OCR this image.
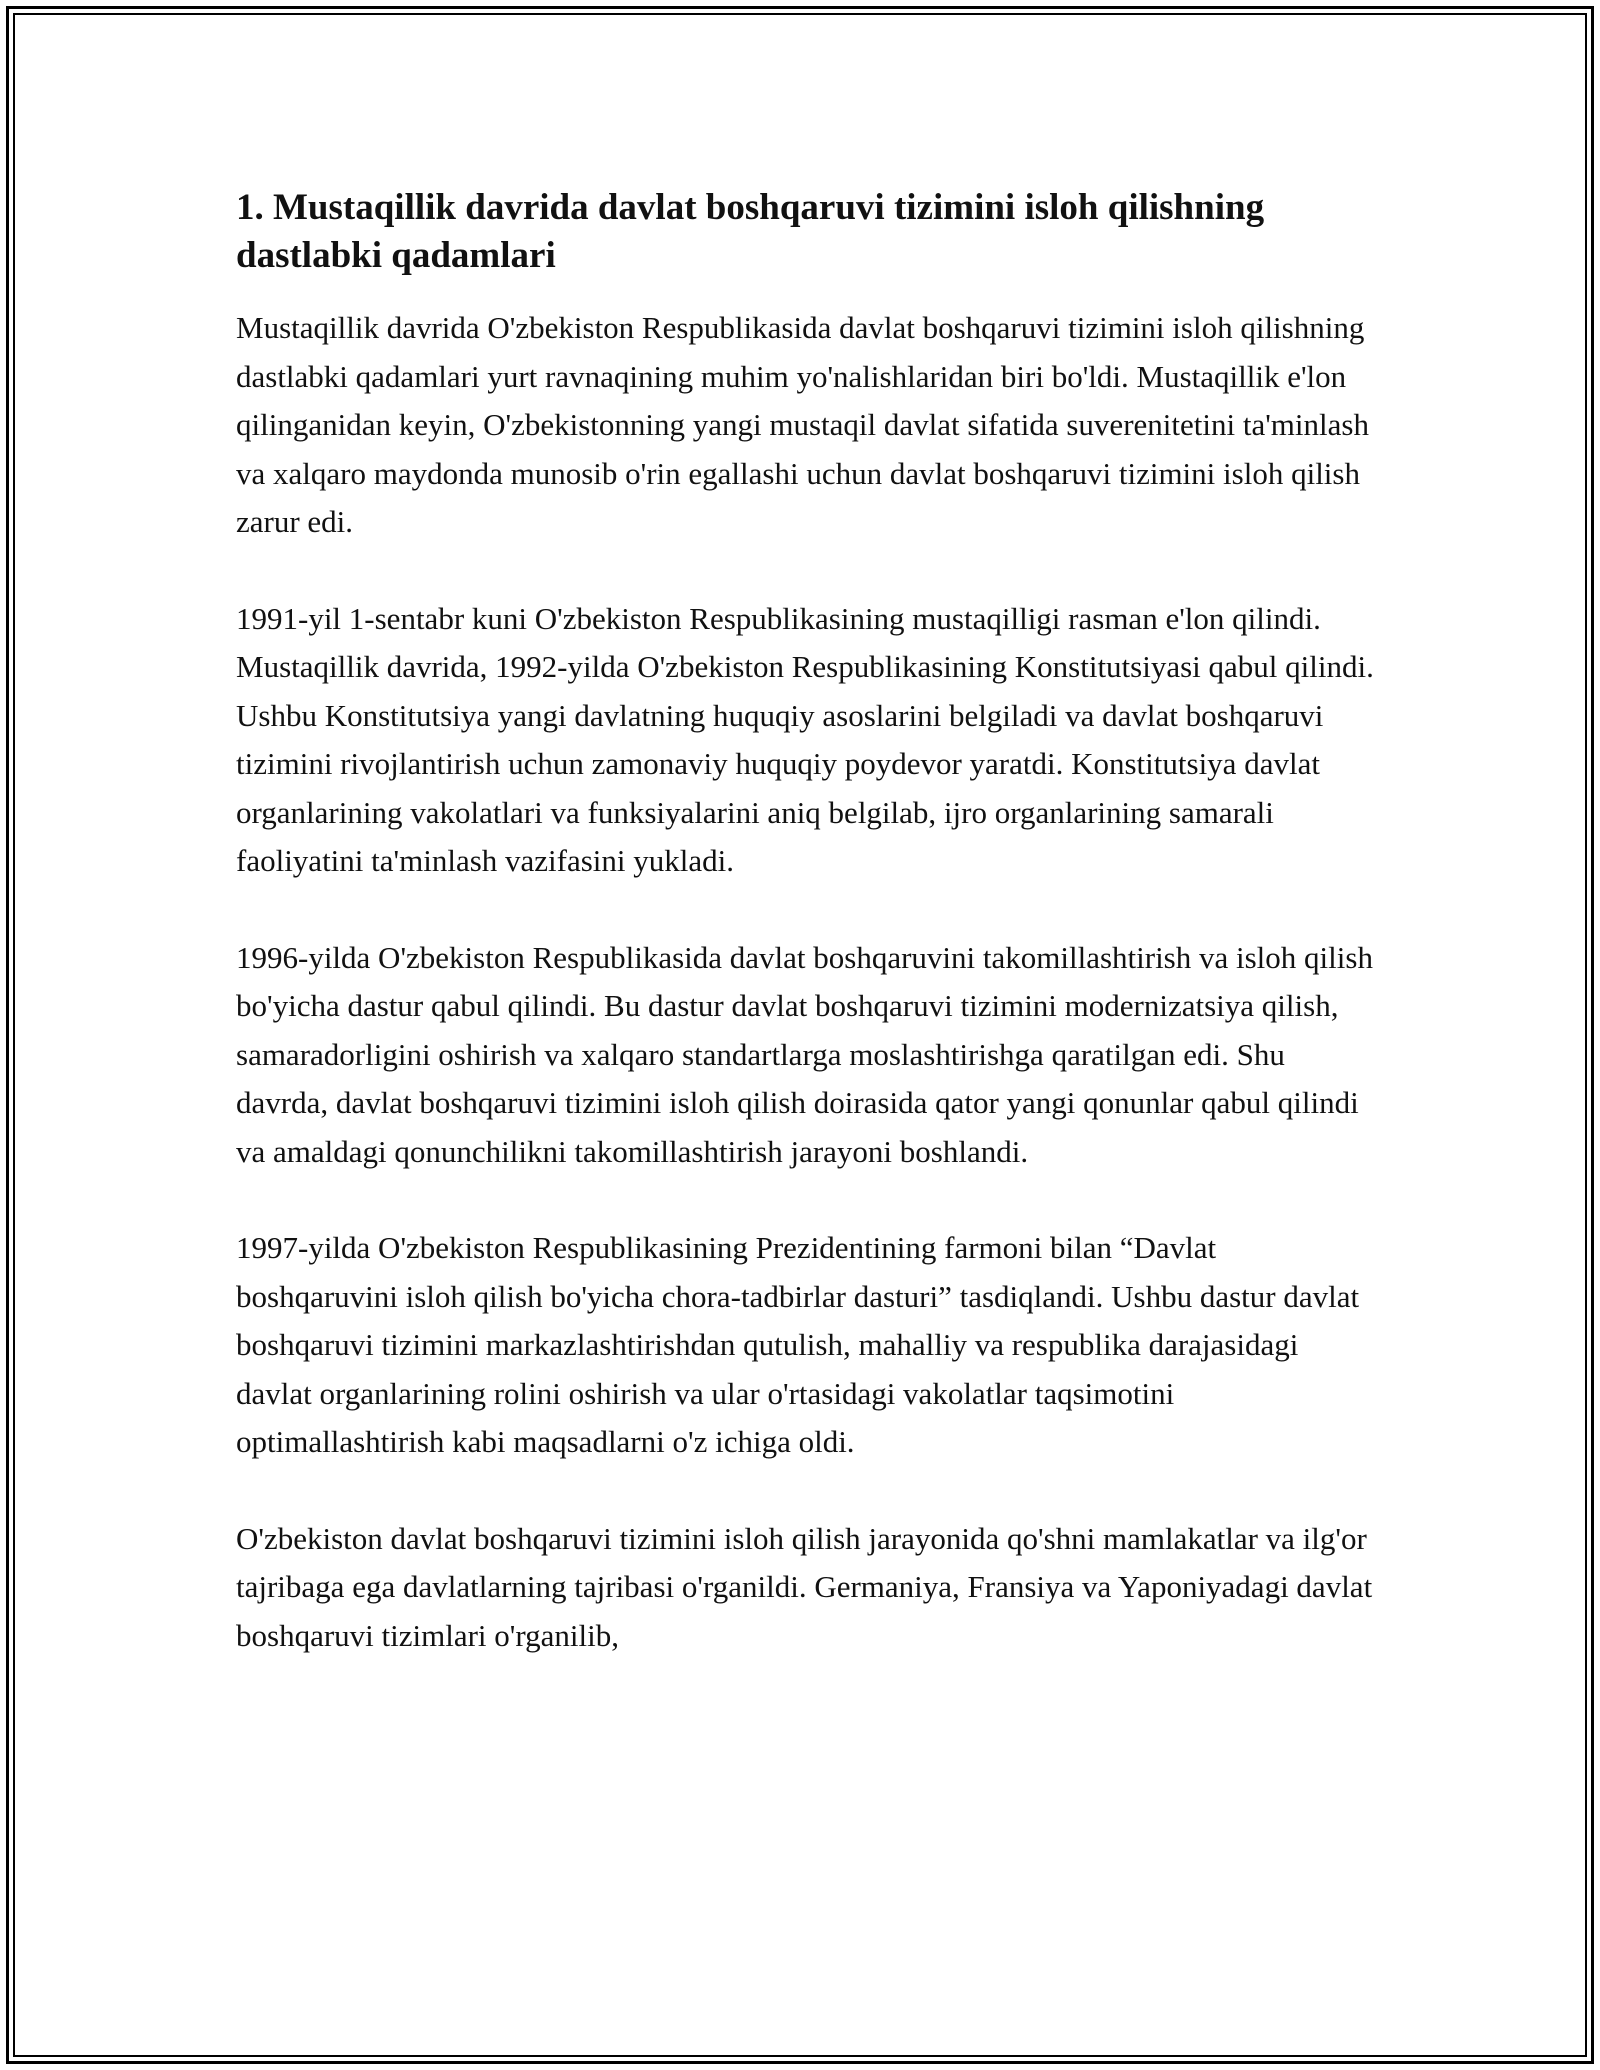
1. Mustaqillik davrida davlat boshqaruvi tizimini isloh qilishning dastlabki qadamlari

Mustaqillik davrida O'zbekiston Respublikasida davlat boshqaruvi tizimini isloh qilishning dastlabki qadamlari yurt ravnaqining muhim yo'nalishlaridan biri bo'ldi. Mustaqillik e'lon qilinganidan keyin, O'zbekistonning yangi mustaqil davlat sifatida suverenitetini ta'minlash va xalqaro maydonda munosib o'rin egallashi uchun davlat boshqaruvi tizimini isloh qilish zarur edi.

1991-yil 1-sentabr kuni O'zbekiston Respublikasining mustaqilligi rasman e'lon qilindi. Mustaqillik davrida, 1992-yilda O'zbekiston Respublikasining Konstitutsiyasi qabul qilindi. Ushbu Konstitutsiya yangi davlatning huquqiy asoslarini belgiladi va davlat boshqaruvi tizimini rivojlantirish uchun zamonaviy huquqiy poydevor yaratdi. Konstitutsiya davlat organlarining vakolatlari va funksiyalarini aniq belgilab, ijro organlarining samarali faoliyatini ta'minlash vazifasini yukladi.

1996-yilda O'zbekiston Respublikasida davlat boshqaruvini takomillashtirish va isloh qilish bo'yicha dastur qabul qilindi. Bu dastur davlat boshqaruvi tizimini modernizatsiya qilish, samaradorligini oshirish va xalqaro standartlarga moslashtirishga qaratilgan edi. Shu davrda, davlat boshqaruvi tizimini isloh qilish doirasida qator yangi qonunlar qabul qilindi va amaldagi qonunchilikni takomillashtirish jarayoni boshlandi.

1997-yilda O'zbekiston Respublikasining Prezidentining farmoni bilan “Davlat boshqaruvini isloh qilish bo'yicha chora-tadbirlar dasturi” tasdiqlandi. Ushbu dastur davlat boshqaruvi tizimini markazlashtirishdan qutulish, mahalliy va respublika darajasidagi davlat organlarining rolini oshirish va ular o'rtasidagi vakolatlar taqsimotini optimallashtirish kabi maqsadlarni o'z ichiga oldi.

O'zbekiston davlat boshqaruvi tizimini isloh qilish jarayonida qo'shni mamlakatlar va ilg'or tajribaga ega davlatlarning tajribasi o'rganildi. Germaniya, Fransiya va Yaponiyadagi davlat boshqaruvi tizimlari o'rganilib,
